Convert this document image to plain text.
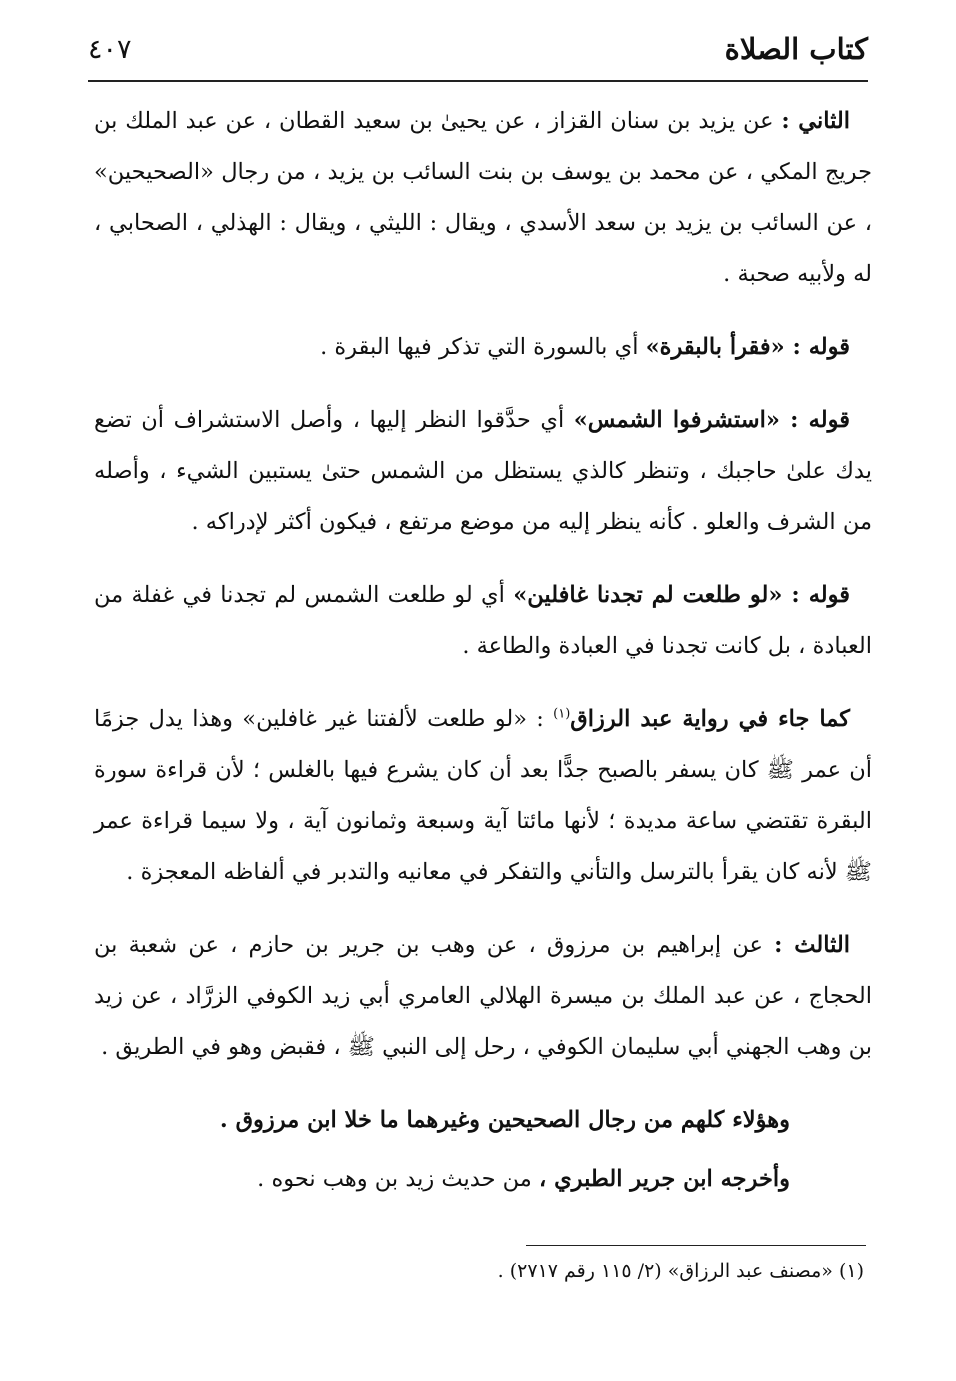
كتاب الصلاة
٤٠٧

الثاني : عن يزيد بن سنان القزاز ، عن يحيىٰ بن سعيد القطان ، عن عبد الملك بن جريج المكي ، عن محمد بن يوسف بن بنت السائب بن يزيد ، من رجال «الصحيحين» ، عن السائب بن يزيد بن سعد الأسدي ، ويقال : الليثي ، ويقال : الهذلي ، الصحابي ، له ولأبيه صحبة .

قوله : «فقرأ بالبقرة» أي بالسورة التي تذكر فيها البقرة .

قوله : «استشرفوا الشمس» أي حدَّقوا النظر إليها ، وأصل الاستشراف أن تضع يدك علىٰ حاجبك ، وتنظر كالذي يستظل من الشمس حتىٰ يستبين الشيء ، وأصله من الشرف والعلو . كأنه ينظر إليه من موضع مرتفع ، فيكون أكثر لإدراكه .

قوله : «لو طلعت لم تجدنا غافلين» أي لو طلعت الشمس لم تجدنا في غفلة من العبادة ، بل كانت تجدنا في العبادة والطاعة .

كما جاء في رواية عبد الرزاق$^{(١)}$ : «لو طلعت لألفتنا غير غافلين» وهذا يدل جزمًا أن عمر ﷺ كان يسفر بالصبح جدًّا بعد أن كان يشرع فيها بالغلس ؛ لأن قراءة سورة البقرة تقتضي ساعة مديدة ؛ لأنها مائتا آية وسبعة وثمانون آية ، ولا سيما قراءة عمر ﷺ لأنه كان يقرأ بالترسل والتأني والتفكر في معانيه والتدبر في ألفاظه المعجزة .

الثالث : عن إبراهيم بن مرزوق ، عن وهب بن جرير بن حازم ، عن شعبة بن الحجاج ، عن عبد الملك بن ميسرة الهلالي العامري أبي زيد الكوفي الزرَّاد ، عن زيد بن وهب الجهني أبي سليمان الكوفي ، رحل إلى النبي ﷺ ، فقبض وهو في الطريق .

وهؤلاء كلهم من رجال الصحيحين وغيرهما ما خلا ابن مرزوق .

وأخرجه ابن جرير الطبري ، من حديث زيد بن وهب نحوه .

(١) «مصنف عبد الرزاق» (٢/ ١١٥ رقم ٢٧١٧) .
